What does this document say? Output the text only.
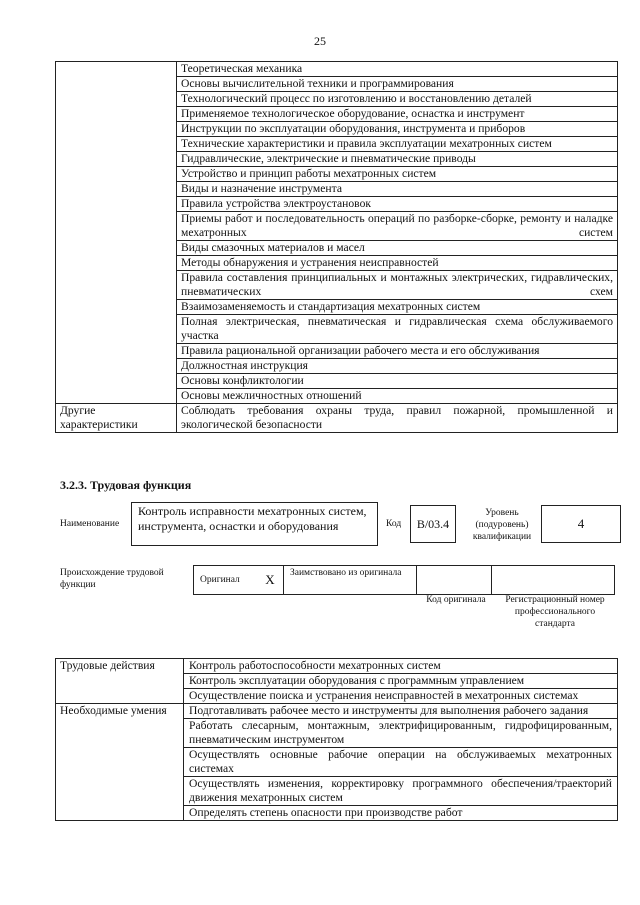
25
	Теоретическая механика
	Основы вычислительной техники и программирования
	Технологический процесс по изготовлению и восстановлению деталей
	Применяемое технологическое оборудование, оснастка и инструмент
	Инструкции по эксплуатации оборудования, инструмента и приборов
	Технические характеристики и правила эксплуатации мехатронных систем
	Гидравлические, электрические и пневматические приводы
	Устройство и принцип работы мехатронных систем
	Виды и назначение инструмента
	Правила устройства электроустановок
	Приемы работ и последовательность операций по разборке-сборке, ремонту и наладке мехатронных систем
	Виды смазочных материалов и масел
	Методы обнаружения и устранения неисправностей
	Правила составления принципиальных и монтажных электрических, гидравлических, пневматических схем
	Взаимозаменяемость и стандартизация мехатронных систем
	Полная электрическая, пневматическая и гидравлическая схема обслуживаемого участка
	Правила рациональной организации рабочего места и его обслуживания
	Должностная инструкция
	Основы конфликтологии
	Основы межличностных отношений
Другие характеристики	Соблюдать требования охраны труда, правил пожарной, промышленной и экологической безопасности
3.2.3. Трудовая функция
Наименование
Контроль исправности мехатронных систем, инструмента, оснастки и оборудования	Код	B/03.4
Уровень (подуровень) квалификации
4
Происхождение трудовой функции	Оригинал	X	Заимствовано из оригинала		
Код оригинала	Регистрационный номер профессионального стандарта
Трудовые действия	Контроль работоспособности мехатронных систем
	Контроль эксплуатации оборудования с программным управлением
	Осуществление поиска и устранения неисправностей в мехатронных системах
Необходимые умения	Подготавливать рабочее место и инструменты для выполнения рабочего задания
	Работать слесарным, монтажным, электрифицированным, гидрофицированным, пневматическим инструментом
	Осуществлять основные рабочие операции на обслуживаемых мехатронных системах
	Осуществлять изменения, корректировку программного обеспечения/траекторий движения мехатронных систем
	Определять степень опасности при производстве работ
